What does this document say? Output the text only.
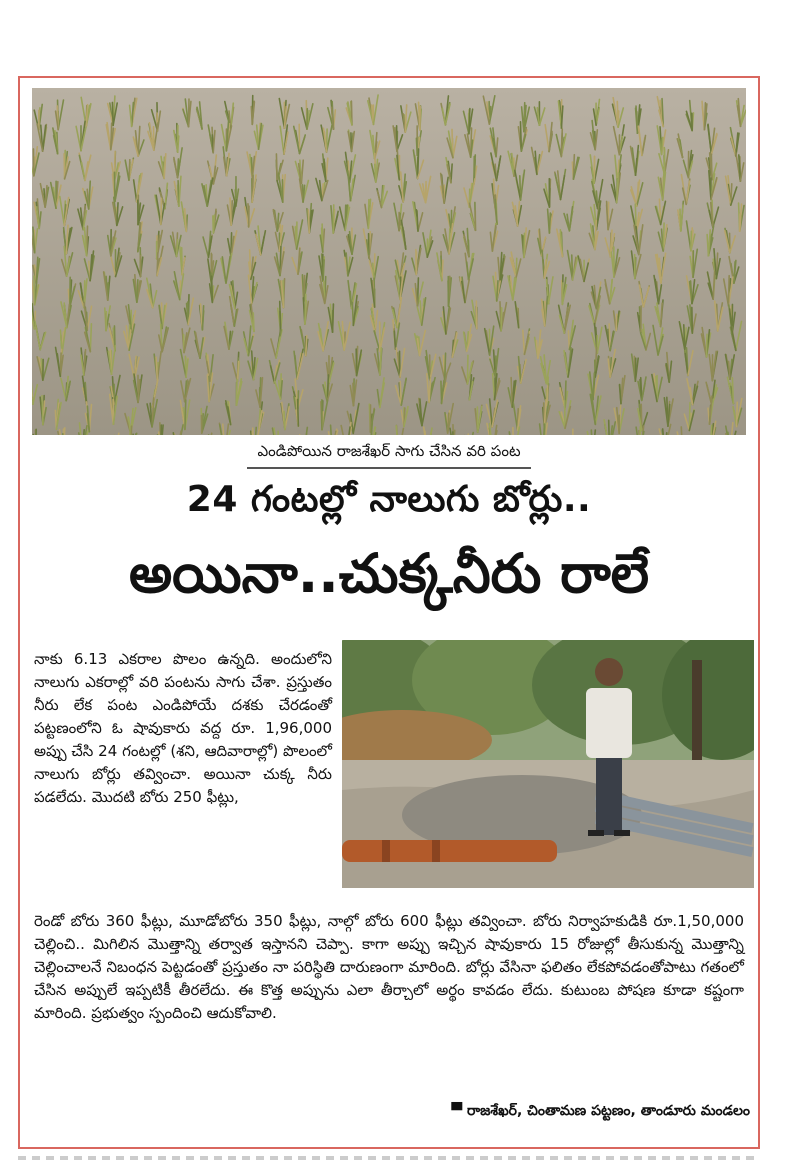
ఎండిపోయిన రాజశేఖర్ సాగు చేసిన వరి పంట
24 గంటల్లో నాలుగు బోర్లు..
అయినా..చుక్కనీరు రాలే
నాకు 6.13 ఎకరాల పొలం ఉన్నది. అందులోని నాలుగు ఎకరాల్లో వరి పంటను సాగు చేశా. ప్రస్తుతం నీరు లేక పంట ఎండిపోయే దశకు చేరడంతో పట్టణంలోని ఓ షావుకారు వద్ద రూ. 1,96,000 అప్పు చేసి 24 గంటల్లో (శని, ఆదివారాల్లో) పొలంలో నాలుగు బోర్లు తవ్వించా. అయినా చుక్క నీరు పడలేదు. మొదటి బోరు 250 ఫీట్లు,
రెండో బోరు 360 ఫీట్లు, మూడోబోరు 350 ఫీట్లు, నాల్గో బోరు 600 ఫీట్లు తవ్వించా. బోరు నిర్వాహకుడికి రూ.1,50,000 చెల్లించి.. మిగిలిన మొత్తాన్ని తర్వాత ఇస్తానని చెప్పా. కాగా అప్పు ఇచ్చిన షావుకారు 15 రోజుల్లో తీసుకున్న మొత్తాన్ని చెల్లించాలనే నిబంధన పెట్టడంతో ప్రస్తుతం నా పరిస్థితి దారుణంగా మారింది. బోర్లు వేసినా ఫలితం లేకపోవడంతోపాటు గతంలో చేసిన అప్పులే ఇప్పటికీ తీరలేదు. ఈ కొత్త అప్పును ఎలా తీర్చాలో అర్థం కావడం లేదు. కుటుంబ పోషణ కూడా కష్టంగా మారింది. ప్రభుత్వం స్పందించి ఆదుకోవాలి.
▀ రాజశేఖర్, చింతామణ పట్టణం, తాండూరు మండలం
